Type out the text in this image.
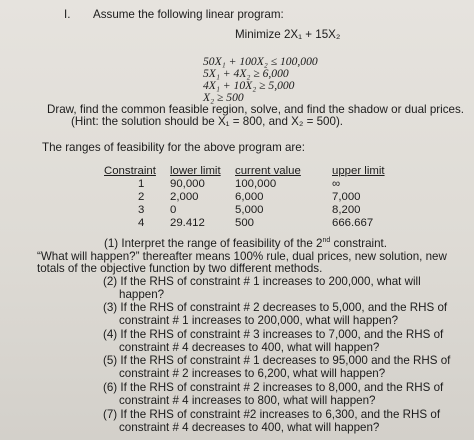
I. Assume the following linear program:
Minimize 2X₁ + 15X₂
50X₁ + 100X₂ ≤ 100,000
5X₁ + 4X₂ ≥ 6,000
4X₁ + 10X₂ ≥ 5,000
X₂ ≥ 500
Draw, find the common feasible region, solve, and find the shadow or dual prices.
(Hint: the solution should be X₁ = 800, and X₂ = 500).
The ranges of feasibility for the above program are:
Constraint
1
2
3
4
lower limit
90,000
2,000
0
29.412
current value
100,000
6,000
5,000
500
upper limit
∞
7,000
8,200
666.667
(1) Interpret the range of feasibility of the 2nd constraint.
“What will happen?” thereafter means 100% rule, dual prices, new solution, new
totals of the objective function by two different methods.
(2) If the RHS of constraint # 1 increases to 200,000, what will
happen?
(3) If the RHS of constraint # 2 decreases to 5,000, and the RHS of
constraint # 1 increases to 200,000, what will happen?
(4) If the RHS of constraint # 3 increases to 7,000, and the RHS of
constraint # 4 decreases to 400, what will happen?
(5) If the RHS of constraint # 1 decreases to 95,000 and the RHS of
constraint # 2 increases to 6,200, what will happen?
(6) If the RHS of constraint # 2 increases to 8,000, and the RHS of
constraint # 4 increases to 800, what will happen?
(7) If the RHS of constraint #2 increases to 6,300, and the RHS of
constraint # 4 decreases to 400, what will happen?
